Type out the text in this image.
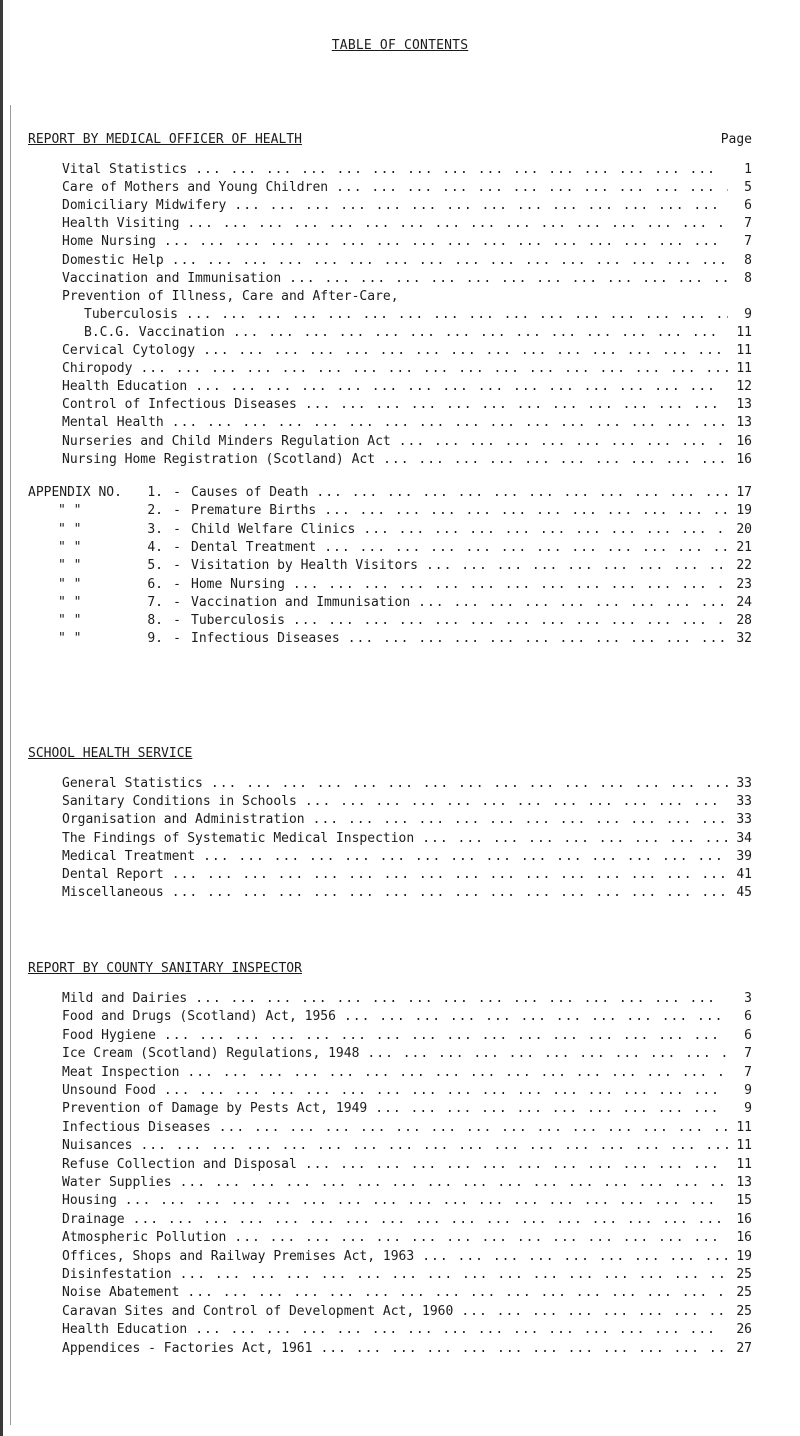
TABLE OF CONTENTS
REPORT BY MEDICAL OFFICER OF HEALTH	Page
Vital Statistics ...	1
Care of Mothers and Young Children ...	5
Domiciliary Midwifery ...	6
Health Visiting ...	7
Home Nursing ...	7
Domestic Help ...	8
Vaccination and Immunisation ...	8
Prevention of Illness, Care and After-Care,
Tuberculosis ...	9
B.C.G. Vaccination ...	11
Cervical Cytology ...	11
Chiropody ...	11
Health Education ...	12
Control of Infectious Diseases ...	13
Mental Health ...	13
Nurseries and Child Minders Regulation Act ...	16
Nursing Home Registration (Scotland) Act ...	16
APPENDIX NO.	1. - Causes of Death ...	17
" "	2. - Premature Births ...	19
" "	3. - Child Welfare Clinics ...	20
" "	4. - Dental Treatment ...	21
" "	5. - Visitation by Health Visitors ...	22
" "	6. - Home Nursing ...	23
" "	7. - Vaccination and Immunisation ...	24
" "	8. - Tuberculosis ...	28
" "	9. - Infectious Diseases ...	32
SCHOOL HEALTH SERVICE
General Statistics ...	33
Sanitary Conditions in Schools ...	33
Organisation and Administration ...	33
The Findings of Systematic Medical Inspection ...	34
Medical Treatment ...	39
Dental Report ...	41
Miscellaneous ...	45
REPORT BY COUNTY SANITARY INSPECTOR
Mild and Dairies ...	3
Food and Drugs (Scotland) Act, 1956 ...	6
Food Hygiene ...	6
Ice Cream (Scotland) Regulations, 1948 ...	7
Meat Inspection ...	7
Unsound Food ...	9
Prevention of Damage by Pests Act, 1949 ...	9
Infectious Diseases ...	11
Nuisances ...	11
Refuse Collection and Disposal ...	11
Water Supplies ...	13
Housing ...	15
Drainage ...	16
Atmospheric Pollution ...	16
Offices, Shops and Railway Premises Act, 1963 ...	19
Disinfestation ...	25
Noise Abatement ...	25
Caravan Sites and Control of Development Act, 1960 ...	25
Health Education ...	26
Appendices - Factories Act, 1961 ...	27
